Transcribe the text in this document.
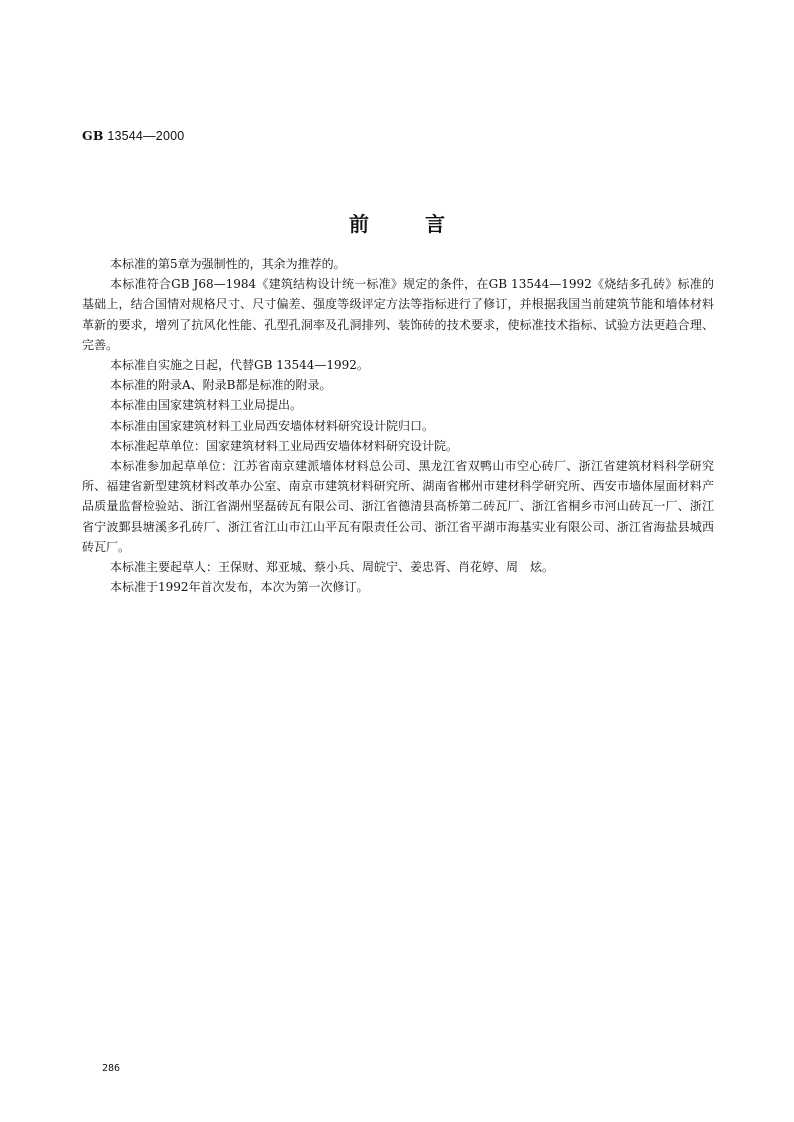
GB 13544—2000
前	言

本标准的第5章为强制性的，其余为推荐的。

本标准符合GB J68—1984《建筑结构设计统一标准》规定的条件，在GB 13544—1992《烧结多孔砖》标准的基础上，结合国情对规格尺寸、尺寸偏差、强度等级评定方法等指标进行了修订，并根据我国当前建筑节能和墙体材料革新的要求，增列了抗风化性能、孔型孔洞率及孔洞排列、装饰砖的技术要求，使标准技术指标、试验方法更趋合理、完善。

本标准自实施之日起，代替GB 13544—1992。

本标准的附录A、附录B都是标准的附录。

本标准由国家建筑材料工业局提出。

本标准由国家建筑材料工业局西安墙体材料研究设计院归口。

本标准起草单位：国家建筑材料工业局西安墙体材料研究设计院。

本标准参加起草单位：江苏省南京建派墙体材料总公司、黑龙江省双鸭山市空心砖厂、浙江省建筑材料科学研究所、福建省新型建筑材料改革办公室、南京市建筑材料研究所、湖南省郴州市建材科学研究所、西安市墙体屋面材料产品质量监督检验站、浙江省湖州坚磊砖瓦有限公司、浙江省德清县高桥第二砖瓦厂、浙江省桐乡市河山砖瓦一厂、浙江省宁波鄞县塘溪多孔砖厂、浙江省江山市江山平瓦有限责任公司、浙江省平湖市海基实业有限公司、浙江省海盐县城西砖瓦厂。

本标准主要起草人：王保财、郑亚城、蔡小兵、周皖宁、姜忠胥、肖花婷、周　炫。

本标准于1992年首次发布，本次为第一次修订。

286
